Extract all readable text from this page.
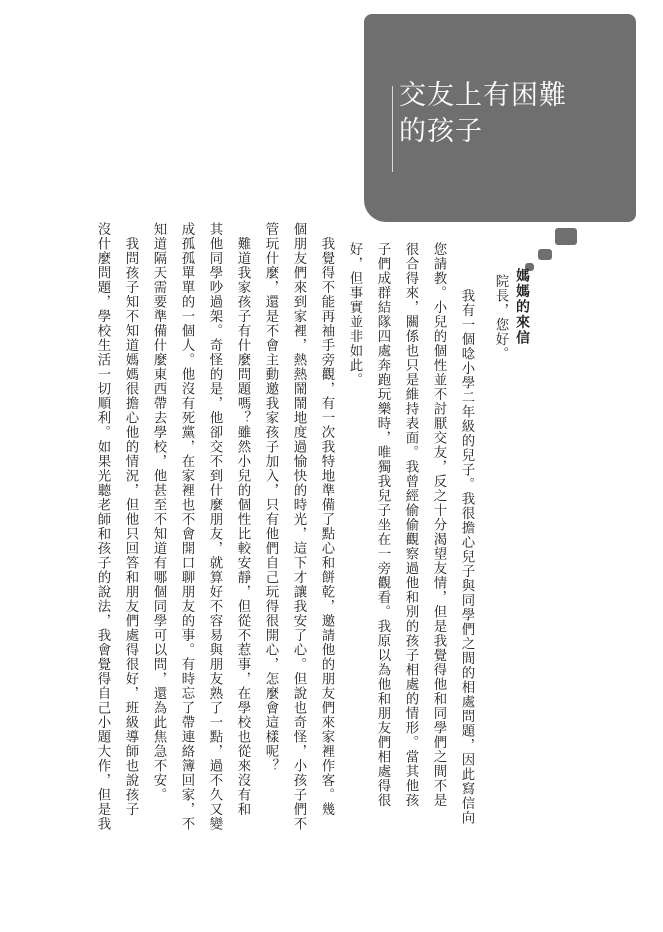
交友上有困難
的孩子
媽媽的來信
院長，您好。
　我有一個唸小學二年級的兒子。我很擔心兒子與同學們之間的相處問題，因此寫信向
您請教。小兒的個性並不討厭交友，反之十分渴望友情，但是我覺得他和同學們之間不是
很合得來，關係也只是維持表面。我曾經偷偷觀察過他和別的孩子相處的情形。當其他孩
子們成群結隊四處奔跑玩樂時，唯獨我兒子坐在一旁觀看。我原以為他和朋友們相處得很
好，但事實並非如此。
　我覺得不能再袖手旁觀，有一次我特地準備了點心和餅乾，邀請他的朋友們來家裡作客。幾
個朋友們來到家裡，熱熱鬧鬧地度過愉快的時光，這下才讓我安了心。但說也奇怪，小孩子們不
管玩什麼，還是不會主動邀我家孩子加入，只有他們自己玩得很開心，怎麼會這樣呢？
　難道我家孩子有什麼問題嗎？雖然小兒的個性比較安靜，但從不惹事，在學校也從來沒有和
其他同學吵過架。奇怪的是，他卻交不到什麼朋友，就算好不容易與朋友熟了一點，過不久又變
成孤孤單單的一個人。他沒有死黨，在家裡也不會開口聊朋友的事。有時忘了帶連絡簿回家，不
知道隔天需要準備什麼東西帶去學校，他甚至不知道有哪個同學可以問，還為此焦急不安。
　我問孩子知不知道媽媽很擔心他的情況，但他只回答和朋友們處得很好，班級導師也說孩子
沒什麼問題，學校生活一切順利。如果光聽老師和孩子的說法，我會覺得自己小題大作，但是我
